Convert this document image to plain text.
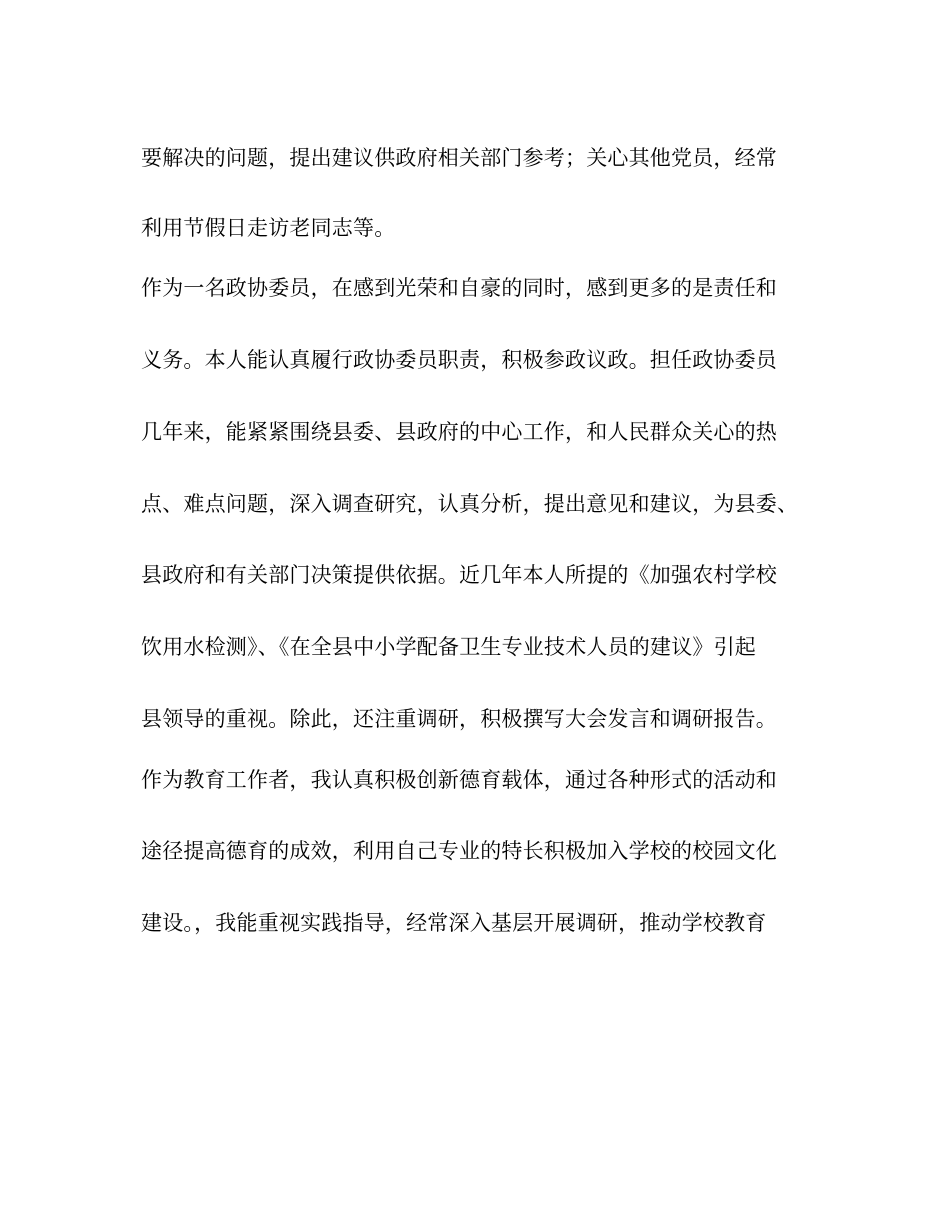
要解决的问题，提出建议供政府相关部门参考；关心其他党员，经常
利用节假日走访老同志等。
作为一名政协委员，在感到光荣和自豪的同时，感到更多的是责任和
义务。本人能认真履行政协委员职责，积极参政议政。担任政协委员
几年来，能紧紧围绕县委、县政府的中心工作，和人民群众关心的热
点、难点问题，深入调查研究，认真分析，提出意见和建议，为县委、
县政府和有关部门决策提供依据。近几年本人所提的《加强农村学校
饮用水检测》、《在全县中小学配备卫生专业技术人员的建议》引起
县领导的重视。除此，还注重调研，积极撰写大会发言和调研报告。
作为教育工作者，我认真积极创新德育载体，通过各种形式的活动和
途径提高德育的成效，利用自己专业的特长积极加入学校的校园文化
建设。，我能重视实践指导，经常深入基层开展调研，推动学校教育
